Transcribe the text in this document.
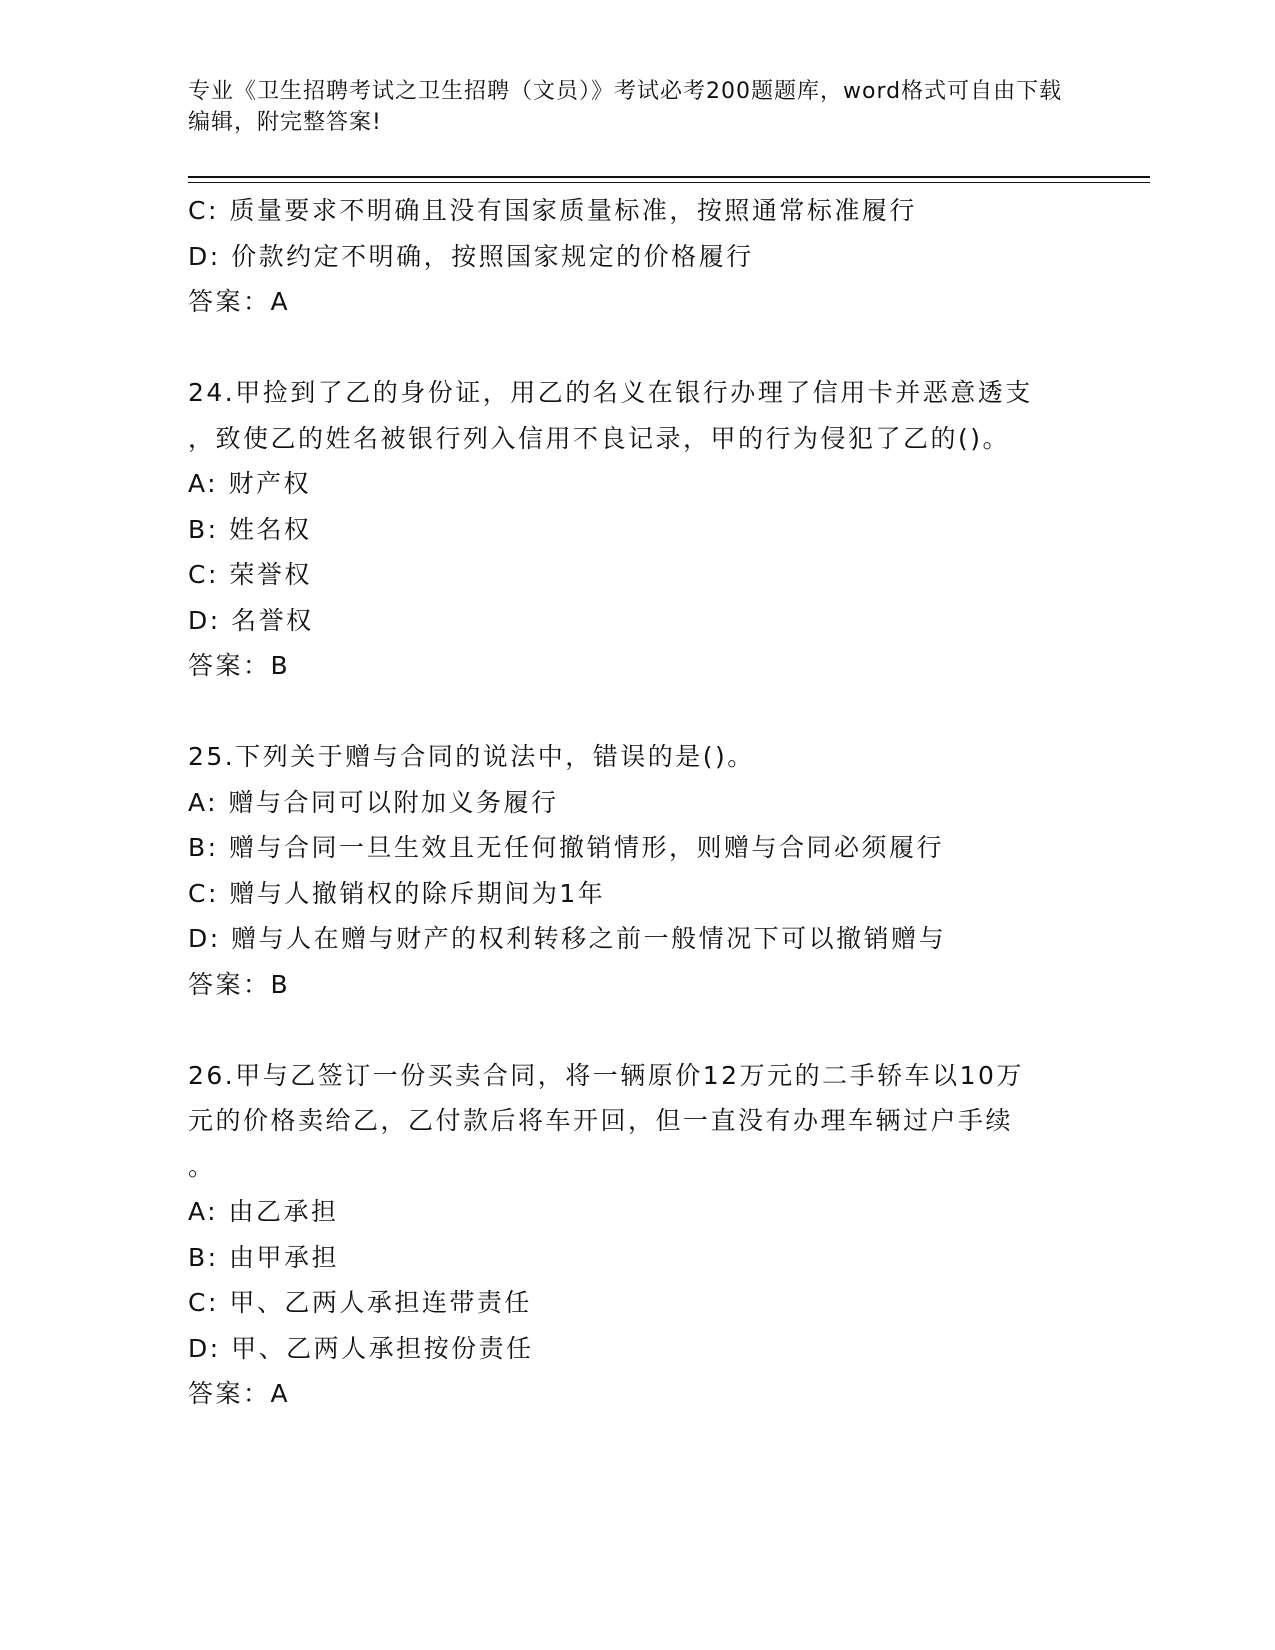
专业《卫生招聘考试之卫生招聘（文员）》考试必考200题题库，word格式可自由下载编辑，附完整答案!

C: 质量要求不明确且没有国家质量标准，按照通常标准履行

D: 价款约定不明确，按照国家规定的价格履行

答案：A

24.甲捡到了乙的身份证，用乙的名义在银行办理了信用卡并恶意透支

，致使乙的姓名被银行列入信用不良记录，甲的行为侵犯了乙的()。

A: 财产权

B: 姓名权

C: 荣誉权

D: 名誉权

答案：B

25.下列关于赠与合同的说法中，错误的是()。

A: 赠与合同可以附加义务履行

B: 赠与合同一旦生效且无任何撤销情形，则赠与合同必须履行

C: 赠与人撤销权的除斥期间为1年

D: 赠与人在赠与财产的权利转移之前一般情况下可以撤销赠与

答案：B

26.甲与乙签订一份买卖合同，将一辆原价12万元的二手轿车以10万

元的价格卖给乙，乙付款后将车开回，但一直没有办理车辆过户手续

。

A: 由乙承担

B: 由甲承担

C: 甲、乙两人承担连带责任

D: 甲、乙两人承担按份责任

答案：A
